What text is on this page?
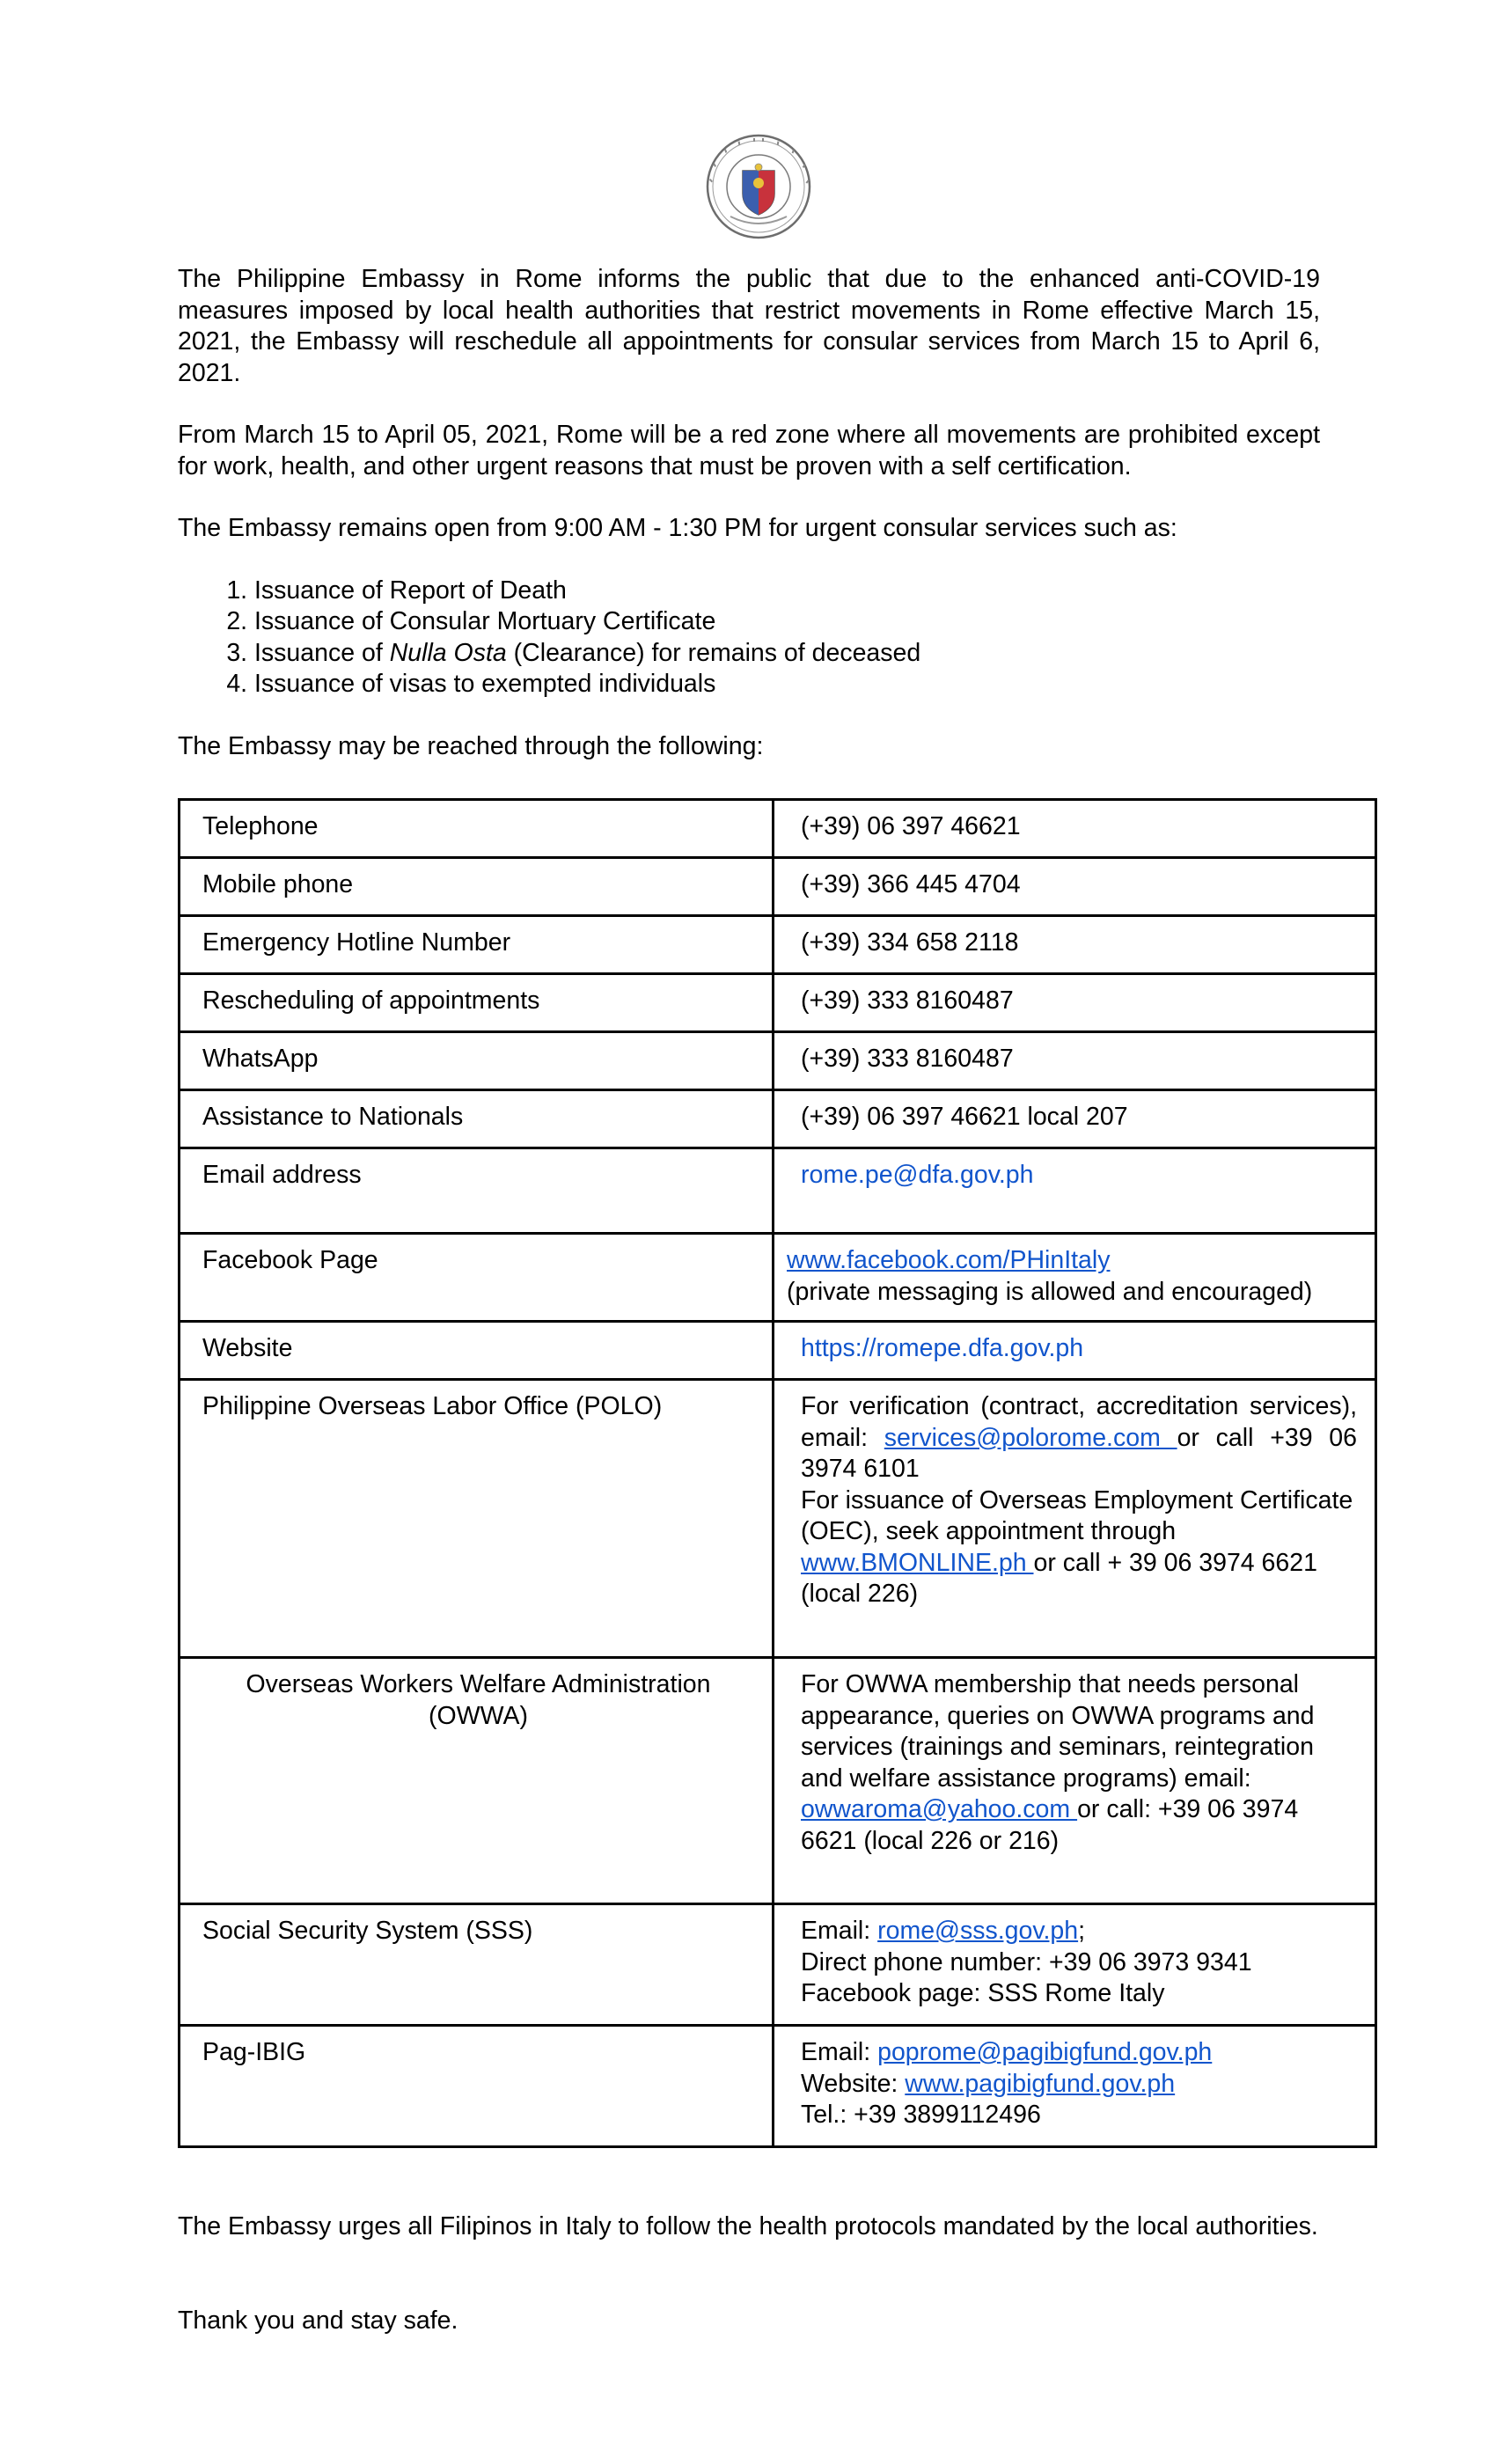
The Philippine Embassy in Rome informs the public that due to the enhanced anti-COVID-19 measures imposed by local health authorities that restrict movements in Rome effective March 15, 2021, the Embassy will reschedule all appointments for consular services from March 15 to April 6, 2021.

From March 15 to April 05, 2021, Rome will be a red zone where all movements are prohibited except for work, health, and other urgent reasons that must be proven with a self certification.

The Embassy remains open from 9:00 AM - 1:30 PM for urgent consular services such as:

1. Issuance of Report of Death
2. Issuance of Consular Mortuary Certificate
3. Issuance of Nulla Osta (Clearance) for remains of deceased
4. Issuance of visas to exempted individuals

The Embassy may be reached through the following:

Telephone	(+39) 06 397 46621
Mobile phone	(+39) 366 445 4704
Emergency Hotline Number	(+39) 334 658 2118
Rescheduling of appointments	(+39) 333 8160487
WhatsApp	(+39) 333 8160487
Assistance to Nationals	(+39) 06 397 46621 local 207
Email address	rome.pe@dfa.gov.ph
Facebook Page	www.facebook.com/PHinItaly
(private messaging is allowed and encouraged)
Website	https://romepe.dfa.gov.ph
Philippine Overseas Labor Office (POLO)	For verification (contract, accreditation services), email: services@polorome.com or call +39 06 3974 6101

For issuance of Overseas Employment Certificate (OEC), seek appointment through
www.BMONLINE.ph or call + 39 06 3974 6621 (local 226)

Overseas Workers Welfare Administration (OWWA)	For OWWA membership that needs personal appearance, queries on OWWA programs and services (trainings and seminars, reintegration and welfare assistance programs) email: owwaroma@yahoo.com or call: +39 06 3974 6621 (local 226 or 216)
Social Security System (SSS)	Email: rome@sss.gov.ph;
Direct phone number: +39 06 3973 9341
Facebook page: SSS Rome Italy
Pag-IBIG	Email: poprome@pagibigfund.gov.ph
Website: www.pagibigfund.gov.ph
Tel.: +39 3899112496

The Embassy urges all Filipinos in Italy to follow the health protocols mandated by the local authorities.

Thank you and stay safe.
